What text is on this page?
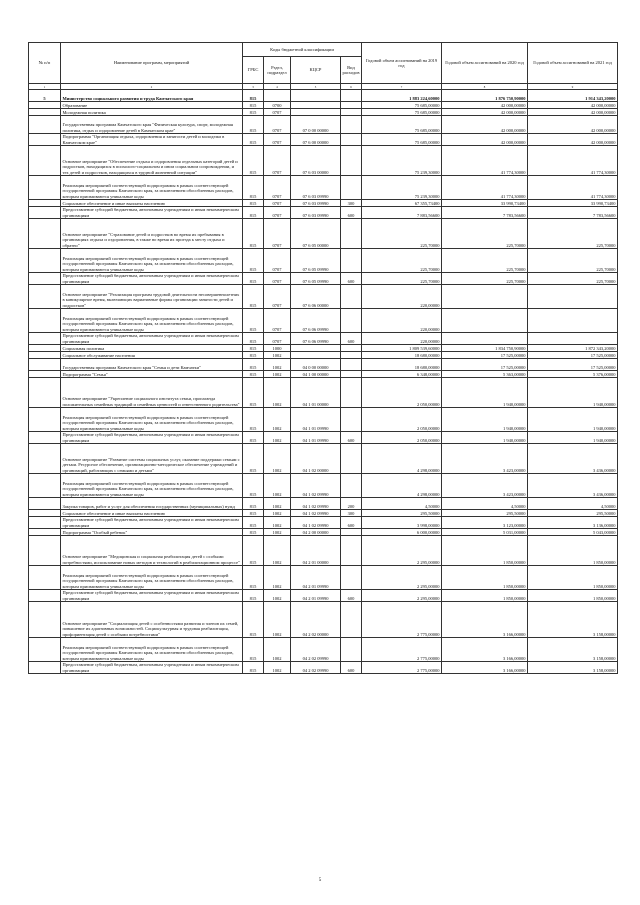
№ п/п	Наименование программ, мероприятий	Коды бюджетной классификации				Годовой объем ассигнований на 2019 год	Годовой объем ассигнований на 2020 год	Годовой объем ассигнований на 2021 год
		ГРБС	Рздел, подраздел	КЦСР	Вид расходов			
1	2	3	4	5	6	7	8	9
5	Министерство социального развития и труда Камчатского края	815				1 883 224,60000	1 876 750,90000	1 914 343,20000
	Образование	815	0700			75 685,00000	42 000,00000	42 000,00000
	Молодежная политика	815	0707			75 685,00000	42 000,00000	42 000,00000
	Государственная программа Камчатского края "Физическая культура, спорт, молодежная политика, отдых и оздоровление детей в Камчатском крае"	815	0707	07 0 00 00000		75 685,00000	42 000,00000	42 000,00000
	Подпрограмма "Организация отдыха, оздоровления и занятости детей и молодежи в Камчатском крае"	815	0707	07 6 00 00000		75 685,00000	42 000,00000	42 000,00000
	Основное мероприятие "Обеспечение отдыха и оздоровления отдельных категорий детей и подростков, находящихся в психолого-социальном и ином социальном сопровождении, и тех детей и подростков, находящихся в трудной жизненной ситуации"	815	0707	07 6 03 00000		75 239,30000	41 774,30000	41 774,30000
	Реализация мероприятий соответствующей подпрограммы в рамках соответствующей государственной программы Камчатского края, за исключением обособленных расходов, которым присваиваются уникальные коды	815	0707	07 6 03 09990		75 239,30000	41 774,30000	41 774,30000
	Социальное обеспечение и иные выплаты населению	815	0707	07 6 03 09990	300	67 355,73400	33 990,73400	33 990,73400
	Предоставление субсидий бюджетным, автономным учреждениям и иным некоммерческим организациям	815	0707	07 6 03 09990	600	7 883,56600	7 783,56600	7 783,56600
	Основное мероприятие "Страхование детей и подростков во время их пребывания в организациях отдыха и оздоровления, в также во время их проезда к месту отдыха и обратно"	815	0707	07 6 05 00000		225,70000	225,70000	225,70000
	Реализация мероприятий соответствующей подпрограммы в рамках соответствующей государственной программы Камчатского края, за исключением обособленных расходов, которым присваиваются уникальные коды	815	0707	07 6 05 09990		225,70000	225,70000	225,70000
	Предоставление субсидий бюджетным, автономным учреждениям и иным некоммерческим организациям	815	0707	07 6 05 09990	600	225,70000	225,70000	225,70000
	Основное мероприятие "Реализация программ трудовой деятельности несовершеннолетних в каникулярное время, включающих вариативные формы организации занятости детей и подростков"	815	0707	07 6 06 00000		220,00000		
	Реализация мероприятий соответствующей подпрограммы в рамках соответствующей государственной программы Камчатского края, за исключением обособленных расходов, которым присваиваются уникальные коды	815	0707	07 6 06 09990		220,00000		
	Предоставление субсидий бюджетным, автономным учреждениям и иным некоммерческим организациям	815	0707	07 6 06 09990	600	220,00000		
	Социальная политика	815	1000			1 809 539,60000	1 834 750,90000	1 872 343,20000
	Социальное обслуживание населения	815	1002			18 680,00000	17 525,00000	17 525,00000
	Государственная программа Камчатского края "Семья и дети Камчатки"	815	1002	04 0 00 00000		18 680,00000	17 525,00000	17 525,00000
	Подпрограмма "Семья"	815	1002	04 1 00 00000		6 348,00000	5 363,00000	5 376,00000
	Основное мероприятие "Укрепление социального института семьи, пропаганда положительных семейных традиций и семейных ценностей и ответственного родительства"	815	1002	04 1 01 00000		2 050,00000	1 940,00000	1 940,00000
	Реализация мероприятий соответствующей подпрограммы в рамках соответствующей государственной программы Камчатского края, за исключением обособленных расходов, которым присваиваются уникальные коды	815	1002	04 1 01 09990		2 050,00000	1 940,00000	1 940,00000
	Предоставление субсидий бюджетным, автономным учреждениям и иным некоммерческим организациям	815	1002	04 1 01 09990	600	2 050,00000	1 940,00000	1 940,00000
	Основное мероприятие "Развитие системы социальных услуг, оказание поддержки семьям с детьми. Ресурсное обеспечение, организационно-методическое обеспечение учреждений и организаций, работающих с семьями и детьми"	815	1002	04 1 02 00000		4 298,00000	3 423,00000	3 436,00000
	Реализация мероприятий соответствующей подпрограммы в рамках соответствующей государственной программы Камчатского края, за исключением обособленных расходов, которым присваиваются уникальные коды	815	1002	04 1 02 09990		4 298,00000	3 423,00000	3 436,00000
	Закупка товаров, работ и услуг для обеспечения государственных (муниципальных) нужд	815	1002	04 1 02 09990	200	4,50000	4,50000	4,50000
	Социальное обеспечение и иные выплаты населению	815	1002	04 1 02 09990	300	295,50000	295,50000	295,50000
	Предоставление субсидий бюджетным, автономным учреждениям и иным некоммерческим организациям	815	1002	04 1 02 09990	600	3 998,00000	3 123,00000	3 136,00000
	Подпрограмма "Особый ребенок"	815	1002	04 2 00 00000		6 000,00000	5 031,00000	5 043,00000
	Основное мероприятие "Медицинская и социальная реабилитация детей с особыми потребностями, использование новых методов и технологий в реабилитационном процессе"	815	1002	04 2 01 00000		2 295,00000	1 850,00000	1 850,00000
	Реализация мероприятий соответствующей подпрограммы в рамках соответствующей государственной программы Камчатского края, за исключением обособленных расходов, которым присваиваются уникальные коды	815	1002	04 2 01 09990		2 295,00000	1 850,00000	1 850,00000
	Предоставление субсидий бюджетным, автономным учреждениям и иным некоммерческим организациям	815	1002	04 2 01 09990	600	2 295,00000	1 850,00000	1 850,00000
	Основное мероприятие "Социализация детей с особенностями развития и членов их семей, повышение их адаптивных возможностей. Социокультурная и трудовая реабилитация, профориентация детей с особыми потребностями"	815	1002	04 2 02 00000		2 775,00000	3 166,00000	3 158,00000
	Реализация мероприятий соответствующей подпрограммы в рамках соответствующей государственной программы Камчатского края, за исключением обособленных расходов, которым присваиваются уникальные коды	815	1002	04 2 02 09990		2 775,00000	3 166,00000	3 158,00000
	Предоставление субсидий бюджетным, автономным учреждениям и иным некоммерческим организациям	815	1002	04 2 02 09990	600	2 775,00000	3 166,00000	3 158,00000
5
